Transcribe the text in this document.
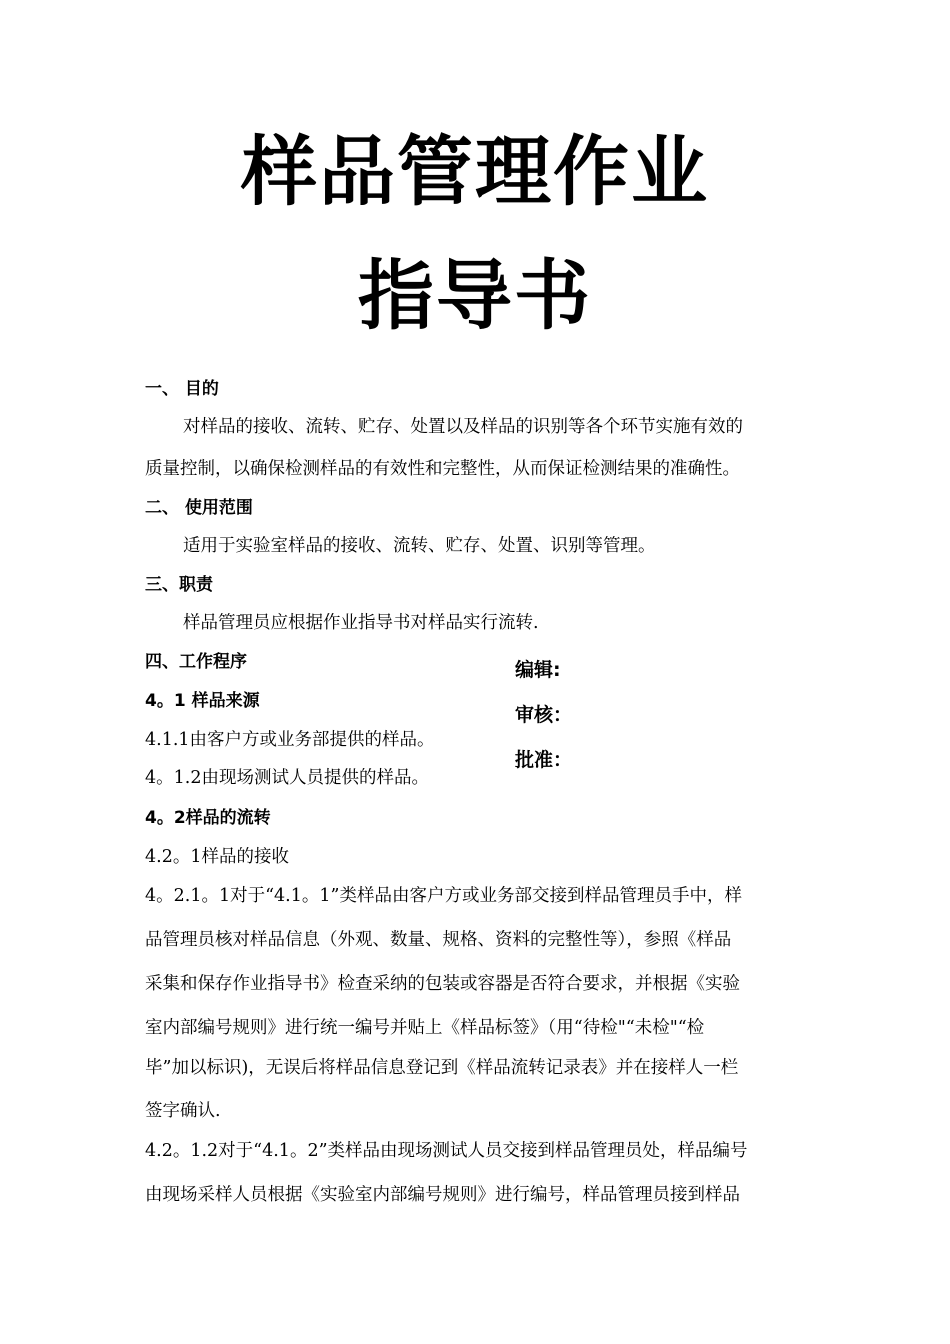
样品管理作业
指导书
一、 目的
对样品的接收、流转、贮存、处置以及样品的识别等各个环节实施有效的
质量控制，以确保检测样品的有效性和完整性，从而保证检测结果的准确性。
二、 使用范围
适用于实验室样品的接收、流转、贮存、处置、识别等管理。
三、职责
样品管理员应根据作业指导书对样品实行流转.
四、工作程序
4。1 样品来源
4.1.1由客户方或业务部提供的样品。
4。1.2由现场测试人员提供的样品。
编辑:
审核：
批准：
4。2样品的流转
4.2。1样品的接收
4。2.1。1对于“4.1。1”类样品由客户方或业务部交接到样品管理员手中，样
品管理员核对样品信息（外观、数量、规格、资料的完整性等），参照《样品
采集和保存作业指导书》检查采纳的包装或容器是否符合要求，并根据《实验
室内部编号规则》进行统一编号并贴上《样品标签》（用“待检"“未检"“检
毕”加以标识)，无误后将样品信息登记到《样品流转记录表》并在接样人一栏
签字确认.
4.2。1.2对于“4.1。2”类样品由现场测试人员交接到样品管理员处，样品编号
由现场采样人员根据《实验室内部编号规则》进行编号，样品管理员接到样品
